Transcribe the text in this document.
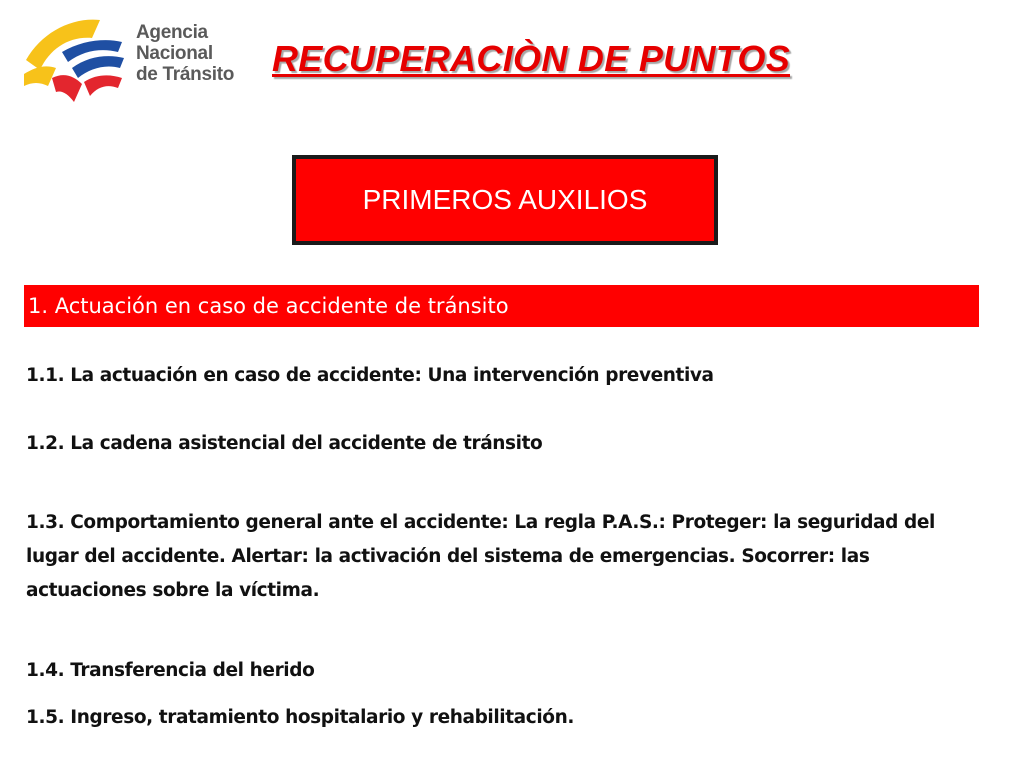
Agencia
Nacional
de Tránsito RECUPERACIÒN DE PUNTOS
PRIMEROS AUXILIOS
1. Actuación en caso de accidente de tránsito
1.1. La actuación en caso de accidente: Una intervención preventiva
1.2. La cadena asistencial del accidente de tránsito
1.3. Comportamiento general ante el accidente: La regla P.A.S.: Proteger: la seguridad del lugar del accidente. Alertar: la activación del sistema de emergencias. Socorrer: las actuaciones sobre la víctima.
1.4. Transferencia del herido
1.5. Ingreso, tratamiento hospitalario y rehabilitación.
